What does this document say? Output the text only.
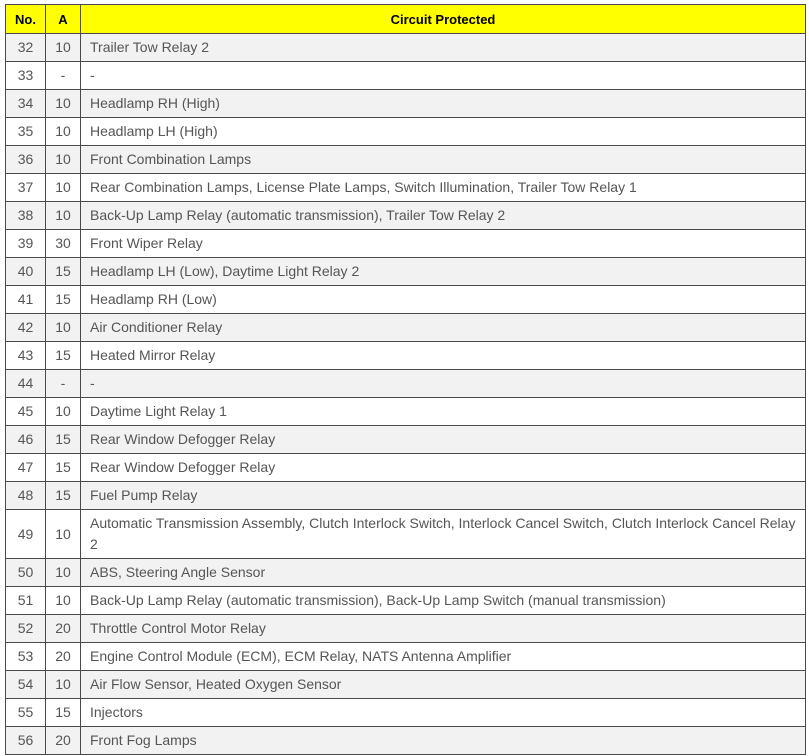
No.	A	Circuit Protected
32	10	Trailer Tow Relay 2
33	-	-
34	10	Headlamp RH (High)
35	10	Headlamp LH (High)
36	10	Front Combination Lamps
37	10	Rear Combination Lamps, License Plate Lamps, Switch Illumination, Trailer Tow Relay 1
38	10	Back-Up Lamp Relay (automatic transmission), Trailer Tow Relay 2
39	30	Front Wiper Relay
40	15	Headlamp LH (Low), Daytime Light Relay 2
41	15	Headlamp RH (Low)
42	10	Air Conditioner Relay
43	15	Heated Mirror Relay
44	-	-
45	10	Daytime Light Relay 1
46	15	Rear Window Defogger Relay
47	15	Rear Window Defogger Relay
48	15	Fuel Pump Relay
49	10	Automatic Transmission Assembly, Clutch Interlock Switch, Interlock Cancel Switch, Clutch Interlock Cancel Relay 2
50	10	ABS, Steering Angle Sensor
51	10	Back-Up Lamp Relay (automatic transmission), Back-Up Lamp Switch (manual transmission)
52	20	Throttle Control Motor Relay
53	20	Engine Control Module (ECM), ECM Relay, NATS Antenna Amplifier
54	10	Air Flow Sensor, Heated Oxygen Sensor
55	15	Injectors
56	20	Front Fog Lamps
